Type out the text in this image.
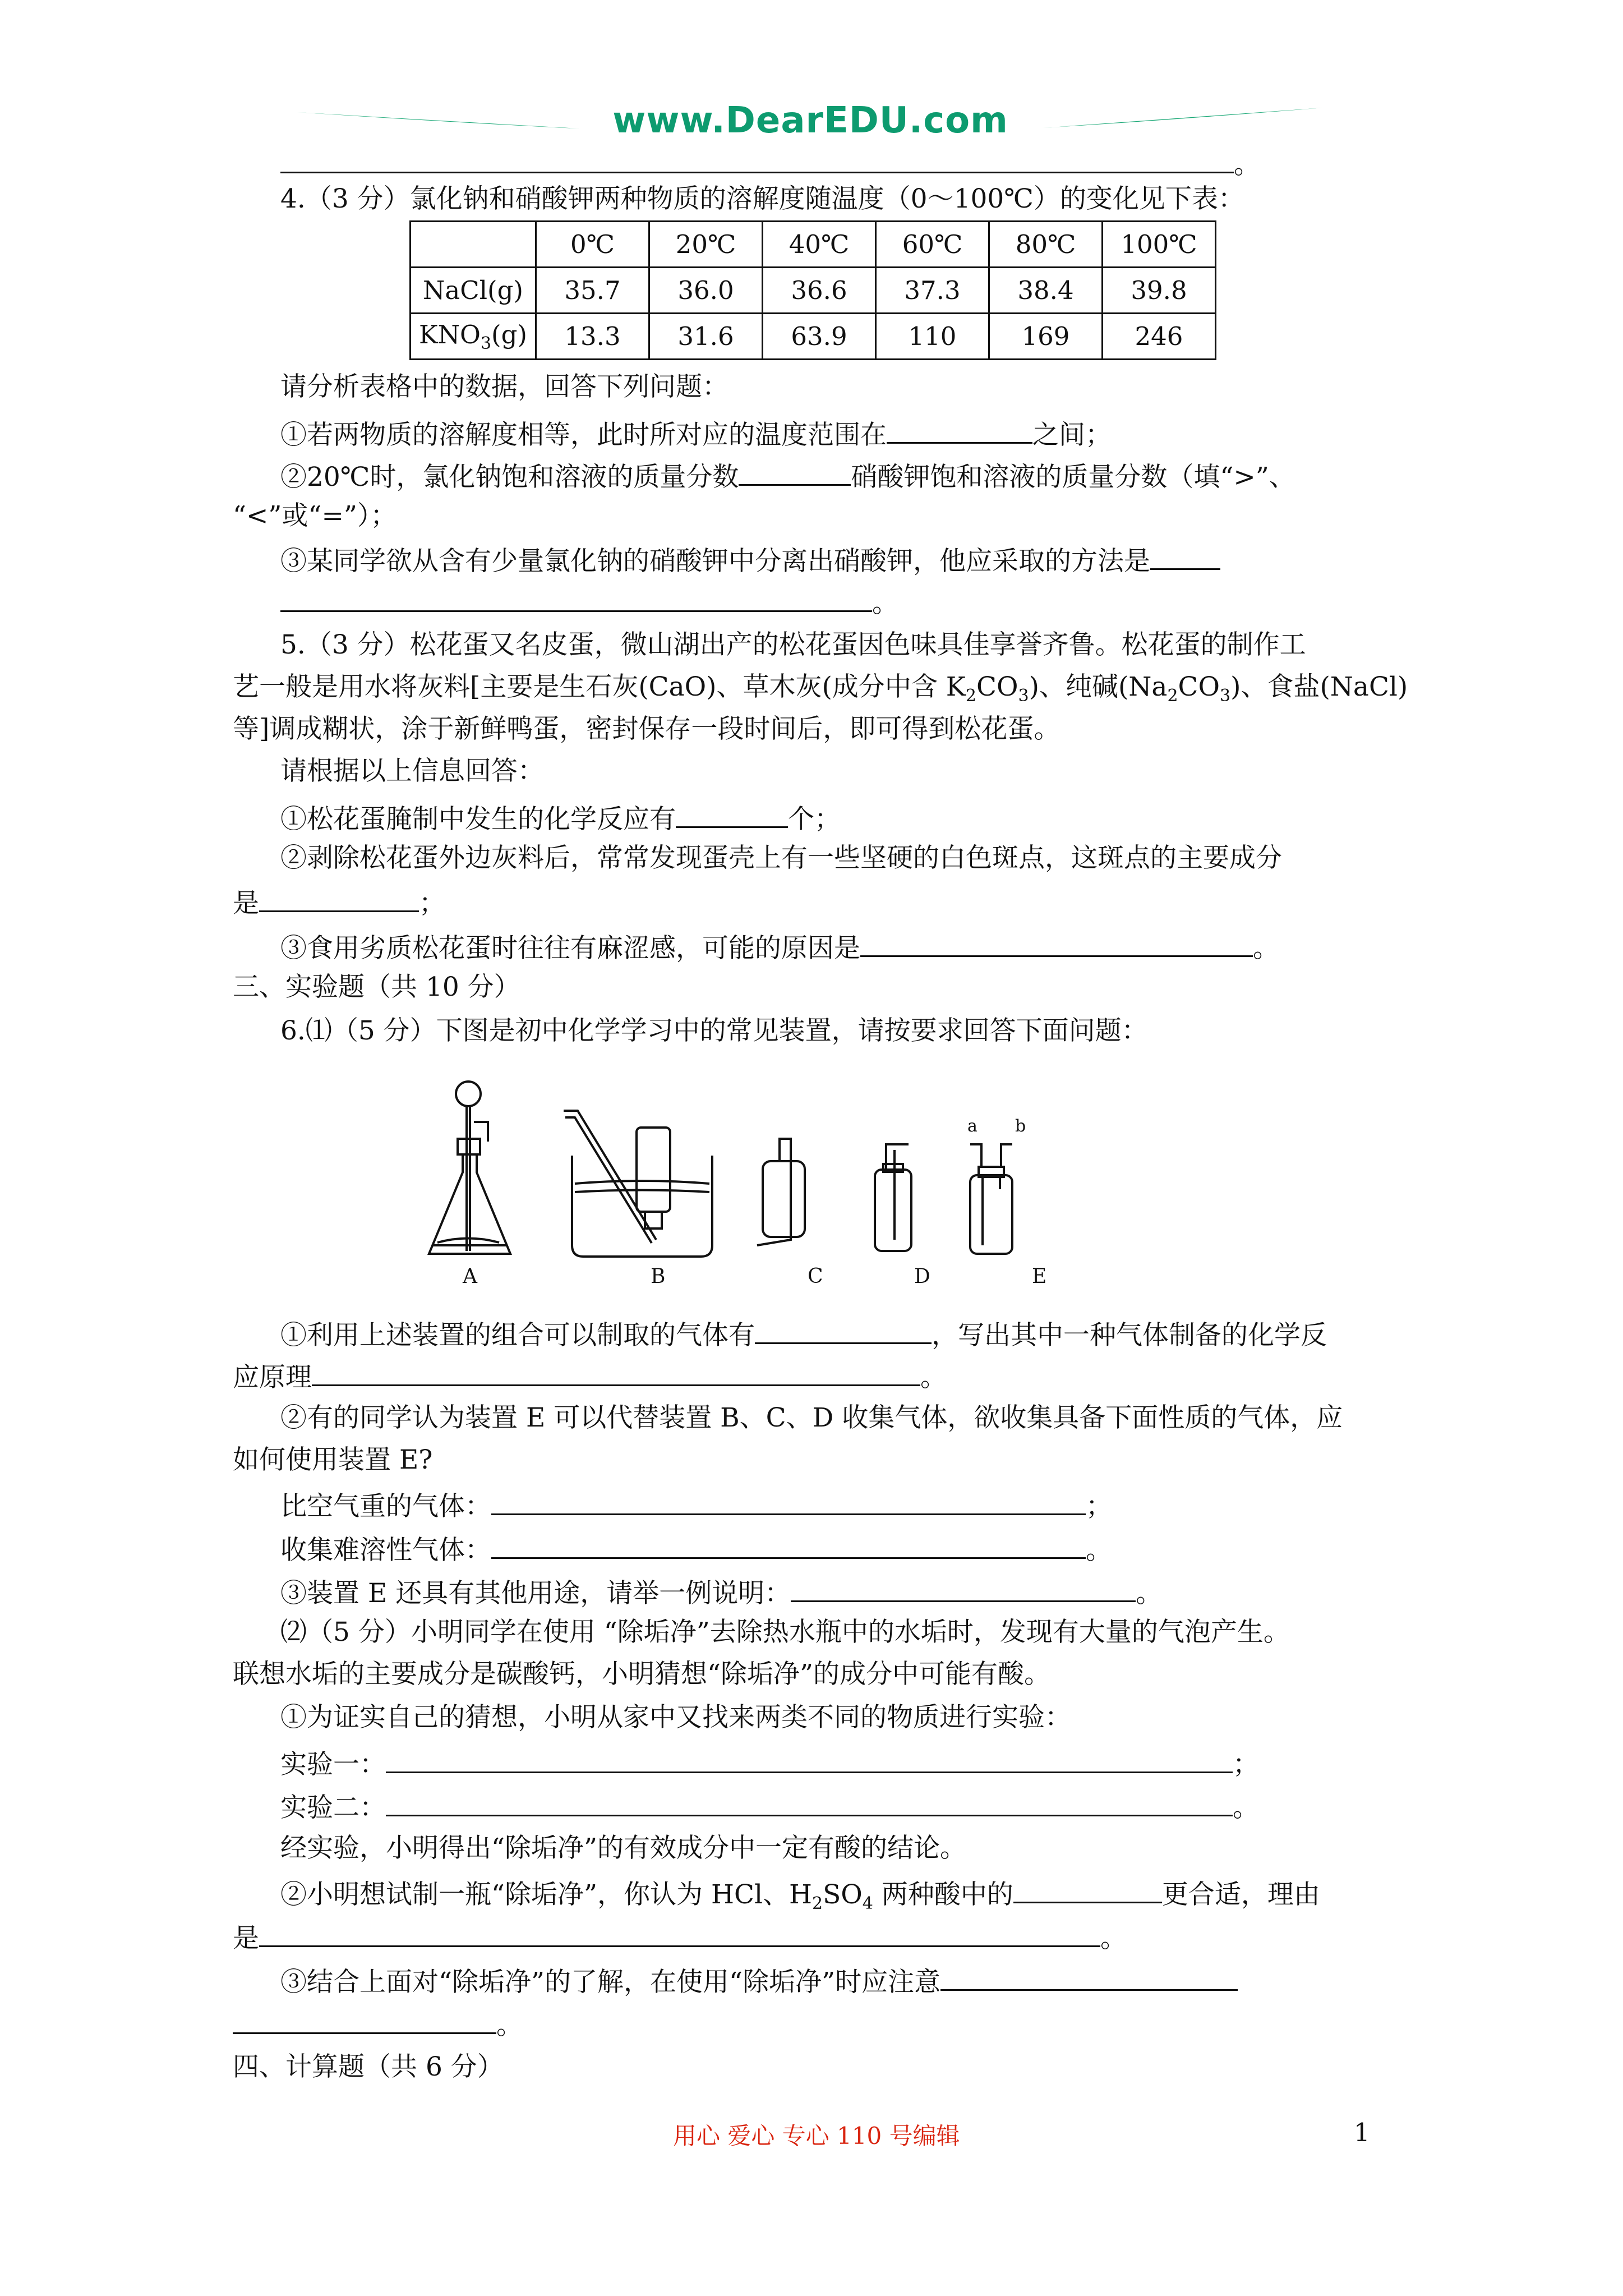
www.DearEDU.com
。
4.（3 分）氯化钠和硝酸钾两种物质的溶解度随温度（0～100℃）的变化见下表：
	0℃	20℃	40℃	60℃	80℃	100℃
NaCl(g)	35.7	36.0	36.6	37.3	38.4	39.8
$KNO_3(g)$	13.3	31.6	63.9	110	169	246
请分析表格中的数据，回答下列问题：
①若两物质的溶解度相等，此时所对应的温度范围在	之间；
②20℃时，氯化钠饱和溶液的质量分数	硝酸钾饱和溶液的质量分数（填“>”、
“<”或“=”）；
③某同学欲从含有少量氯化钠的硝酸钾中分离出硝酸钾，他应采取的方法是
。
5.（3 分）松花蛋又名皮蛋，微山湖出产的松花蛋因色味具佳享誉齐鲁。松花蛋的制作工
艺一般是用水将灰料[主要是生石灰(CaO)、草木灰(成分中含 $K_2CO_3$)、纯碱$(Na_2CO_3)$、食盐(NaCl)
等]调成糊状，涂于新鲜鸭蛋，密封保存一段时间后，即可得到松花蛋。
请根据以上信息回答：
①松花蛋腌制中发生的化学反应有	个；
②剥除松花蛋外边灰料后，常常发现蛋壳上有一些坚硬的白色斑点，这斑点的主要成分
是	；
③食用劣质松花蛋时往往有麻涩感，可能的原因是	。
三、实验题（共 10 分）
6.⑴（5 分）下图是初中化学学习中的常见装置，请按要求回答下面问题：
A	B	C	D	E
a b
①利用上述装置的组合可以制取的气体有	，写出其中一种气体制备的化学反
应原理	。
②有的同学认为装置 E 可以代替装置 B、C、D 收集气体，欲收集具备下面性质的气体，应
如何使用装置 E?
比空气重的气体：	；
收集难溶性气体：	。
③装置 E 还具有其他用途，请举一例说明：	。
⑵（5 分）小明同学在使用 “除垢净”去除热水瓶中的水垢时，发现有大量的气泡产生。
联想水垢的主要成分是碳酸钙，小明猜想“除垢净”的成分中可能有酸。
①为证实自己的猜想，小明从家中又找来两类不同的物质进行实验：
实验一：	；
实验二：	。
经实验，小明得出“除垢净”的有效成分中一定有酸的结论。
②小明想试制一瓶“除垢净”，你认为 HCl、$H_2SO_4$ 两种酸中的	更合适，理由
是	。
③结合上面对“除垢净”的了解，在使用“除垢净”时应注意
。
四、计算题（共 6 分）
用心 爱心 专心 110 号编辑	1
